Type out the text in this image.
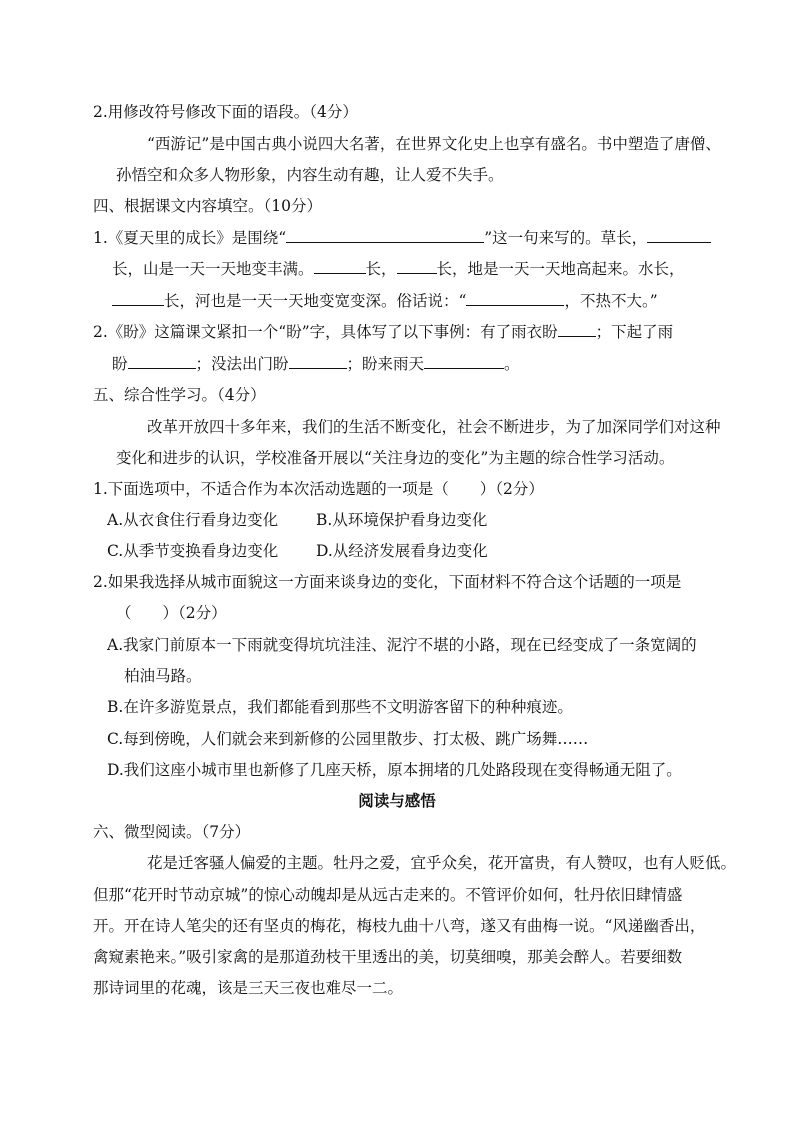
2.用修改符号修改下面的语段。（4分）
“西游记”是中国古典小说四大名著，在世界文化史上也享有盛名。书中塑造了唐僧、
孙悟空和众多人物形象，内容生动有趣，让人爱不失手。
四、根据课文内容填空。（10分）
1.《夏天里的成长》是围绕“	”这一句来写的。草长，
长，山是一天一天地变丰满。	长，	长，地是一天一天地高起来。水长，
长，河也是一天一天地变宽变深。俗话说：“	，不热不大。”
2.《盼》这篇课文紧扣一个“盼”字，具体写了以下事例：有了雨衣盼 ；下起了雨
盼	；没法出门盼	；盼来雨天	。
五、综合性学习。（4分）
改革开放四十多年来，我们的生活不断变化，社会不断进步，为了加深同学们对这种
变化和进步的认识，学校准备开展以“关注身边的变化”为主题的综合性学习活动。
1.下面选项中，不适合作为本次活动选题的一项是（　　）（2分）
A.从衣食住行看身边变化 B.从环境保护看身边变化
C.从季节变换看身边变化 D.从经济发展看身边变化
2.如果我选择从城市面貌这一方面来谈身边的变化，下面材料不符合这个话题的一项是
（　　）（2分）
A.我家门前原本一下雨就变得坑坑洼洼、泥泞不堪的小路，现在已经变成了一条宽阔的
柏油马路。
B.在许多游览景点，我们都能看到那些不文明游客留下的种种痕迹。
C.每到傍晚，人们就会来到新修的公园里散步、打太极、跳广场舞……
D.我们这座小城市里也新修了几座天桥，原本拥堵的几处路段现在变得畅通无阻了。
阅读与感悟
六、微型阅读。（7分）
花是迁客骚人偏爱的主题。牡丹之爱，宜乎众矣，花开富贵，有人赞叹，也有人贬低。
但那“花开时节动京城”的惊心动魄却是从远古走来的。不管评价如何，牡丹依旧肆情盛
开。开在诗人笔尖的还有坚贞的梅花，梅枝九曲十八弯，遂又有曲梅一说。“风递幽香出，
禽窥素艳来。”吸引家禽的是那道劲枝干里透出的美，切莫细嗅，那美会醉人。若要细数
那诗词里的花魂，该是三天三夜也难尽一二。
